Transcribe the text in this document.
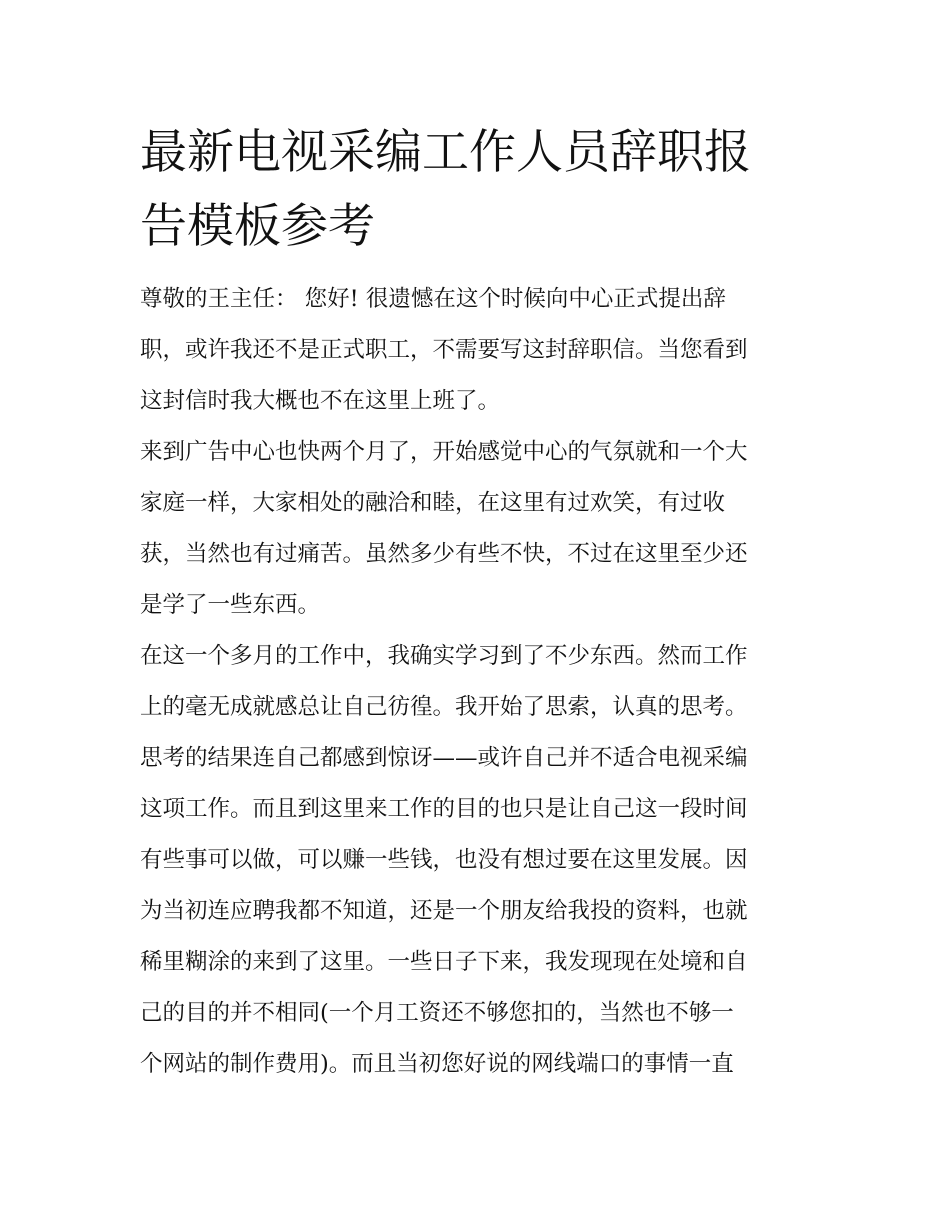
最新电视采编工作人员辞职报
告模板参考
尊敬的王主任： 您好! 很遗憾在这个时候向中心正式提出辞
职，或许我还不是正式职工，不需要写这封辞职信。当您看到
这封信时我大概也不在这里上班了。
来到广告中心也快两个月了，开始感觉中心的气氛就和一个大
家庭一样，大家相处的融洽和睦，在这里有过欢笑，有过收
获，当然也有过痛苦。虽然多少有些不快，不过在这里至少还
是学了一些东西。
在这一个多月的工作中，我确实学习到了不少东西。然而工作
上的毫无成就感总让自己彷徨。我开始了思索，认真的思考。
思考的结果连自己都感到惊讶——或许自己并不适合电视采编
这项工作。而且到这里来工作的目的也只是让自己这一段时间
有些事可以做，可以赚一些钱，也没有想过要在这里发展。因
为当初连应聘我都不知道，还是一个朋友给我投的资料，也就
稀里糊涂的来到了这里。一些日子下来，我发现现在处境和自
己的目的并不相同(一个月工资还不够您扣的，当然也不够一
个网站的制作费用)。而且当初您好说的网线端口的事情一直
